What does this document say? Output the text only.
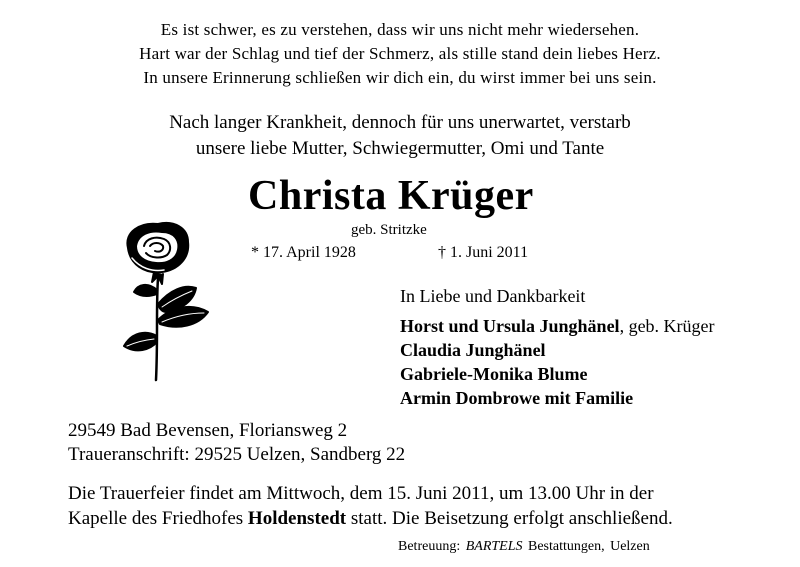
Es ist schwer, es zu verstehen, dass wir uns nicht mehr wiedersehen.
Hart war der Schlag und tief der Schmerz, als stille stand dein liebes Herz.
In unsere Erinnerung schließen wir dich ein, du wirst immer bei uns sein.
Nach langer Krankheit, dennoch für uns unerwartet, verstarb
unsere liebe Mutter, Schwiegermutter, Omi und Tante
Christa Krüger
geb. Stritzke
* 17. April 1928	† 1. Juni 2011
In Liebe und Dankbarkeit
Horst und Ursula Junghänel, geb. Krüger
Claudia Junghänel
Gabriele-Monika Blume
Armin Dombrowe mit Familie
29549 Bad Bevensen, Floriansweg 2
Traueranschrift: 29525 Uelzen, Sandberg 22
Die Trauerfeier findet am Mittwoch, dem 15. Juni 2011, um 13.00 Uhr in der
Kapelle des Friedhofes Holdenstedt statt. Die Beisetzung erfolgt anschließend.
Betreuung: BARTELS Bestattungen, Uelzen
